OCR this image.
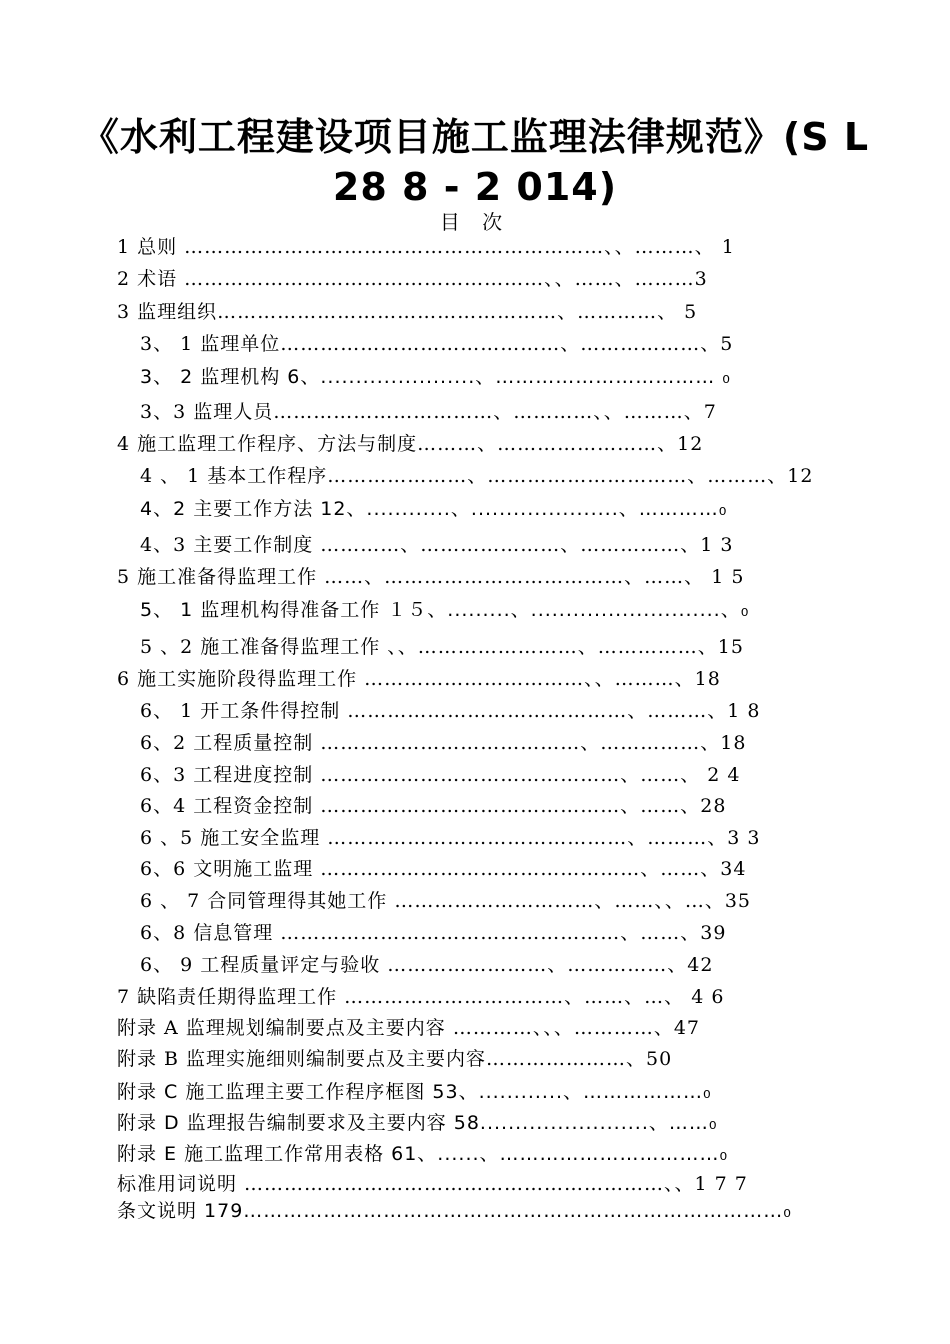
《水利工程建设项目施工监理法律规范》(S L
28 8 - 2 014)
目 次
1 总则 ………………………………………………………、、………、 1
2 术语 ………………………………………………、、……、………3
3 监理组织……………………………………………、…………、 5
3、 1 监理单位……………………………………、………………、5
3、 2 监理机构 6、......................、…………………………… ₀
3、3 监理人员……………………………、…………、、………、7
4 施工监理工作程序、方法与制度………、……………………、12
4 、 1 基本工作程序…………………、…………………………、………、12
4、2 主要工作方法 12、............、.....................、…………₀
4、3 主要工作制度 …………、…………………、……………、1 3
5 施工准备得监理工作 ……、………………………………、……、 1 5
5、 1 监理机构得准备工作 １５、.........、...........................、₀
5 、2 施工准备得监理工作 、、……………………、……………、15
6 施工实施阶段得监理工作 ……………………………、、………、18
6、 1 开工条件得控制 ……………………………………、………、1 8
6、2 工程质量控制 …………………………………、……………、18
6、3 工程进度控制 ………………………………………、……、 2 4
6、4 工程资金控制 ………………………………………、……、28
6 、5 施工安全监理 ………………………………………、………、3 3
6、6 文明施工监理 …………………………………………、……、34
6 、 7 合同管理得其她工作 …………………………、……、、…、35
6、8 信息管理 ……………………………………………、……、39
6、 9 工程质量评定与验收 ……………………、……………、42
7 缺陷责任期得监理工作 ……………………………、……、…、 4 6
附录 A 监理规划编制要点及主要内容 …………、、、…………、47
附录 B 监理实施细则编制要点及主要内容…………………、50
附录 C 施工监理主要工作程序框图 53、............、………………₀
附录 D 监理报告编制要求及主要内容 58........................、……₀
附录 E 施工监理工作常用表格 61、......、……………………………₀
标准用词说明 ………………………………………………………、、1 7 7
条文说明 179………………………………………………………………………₀
